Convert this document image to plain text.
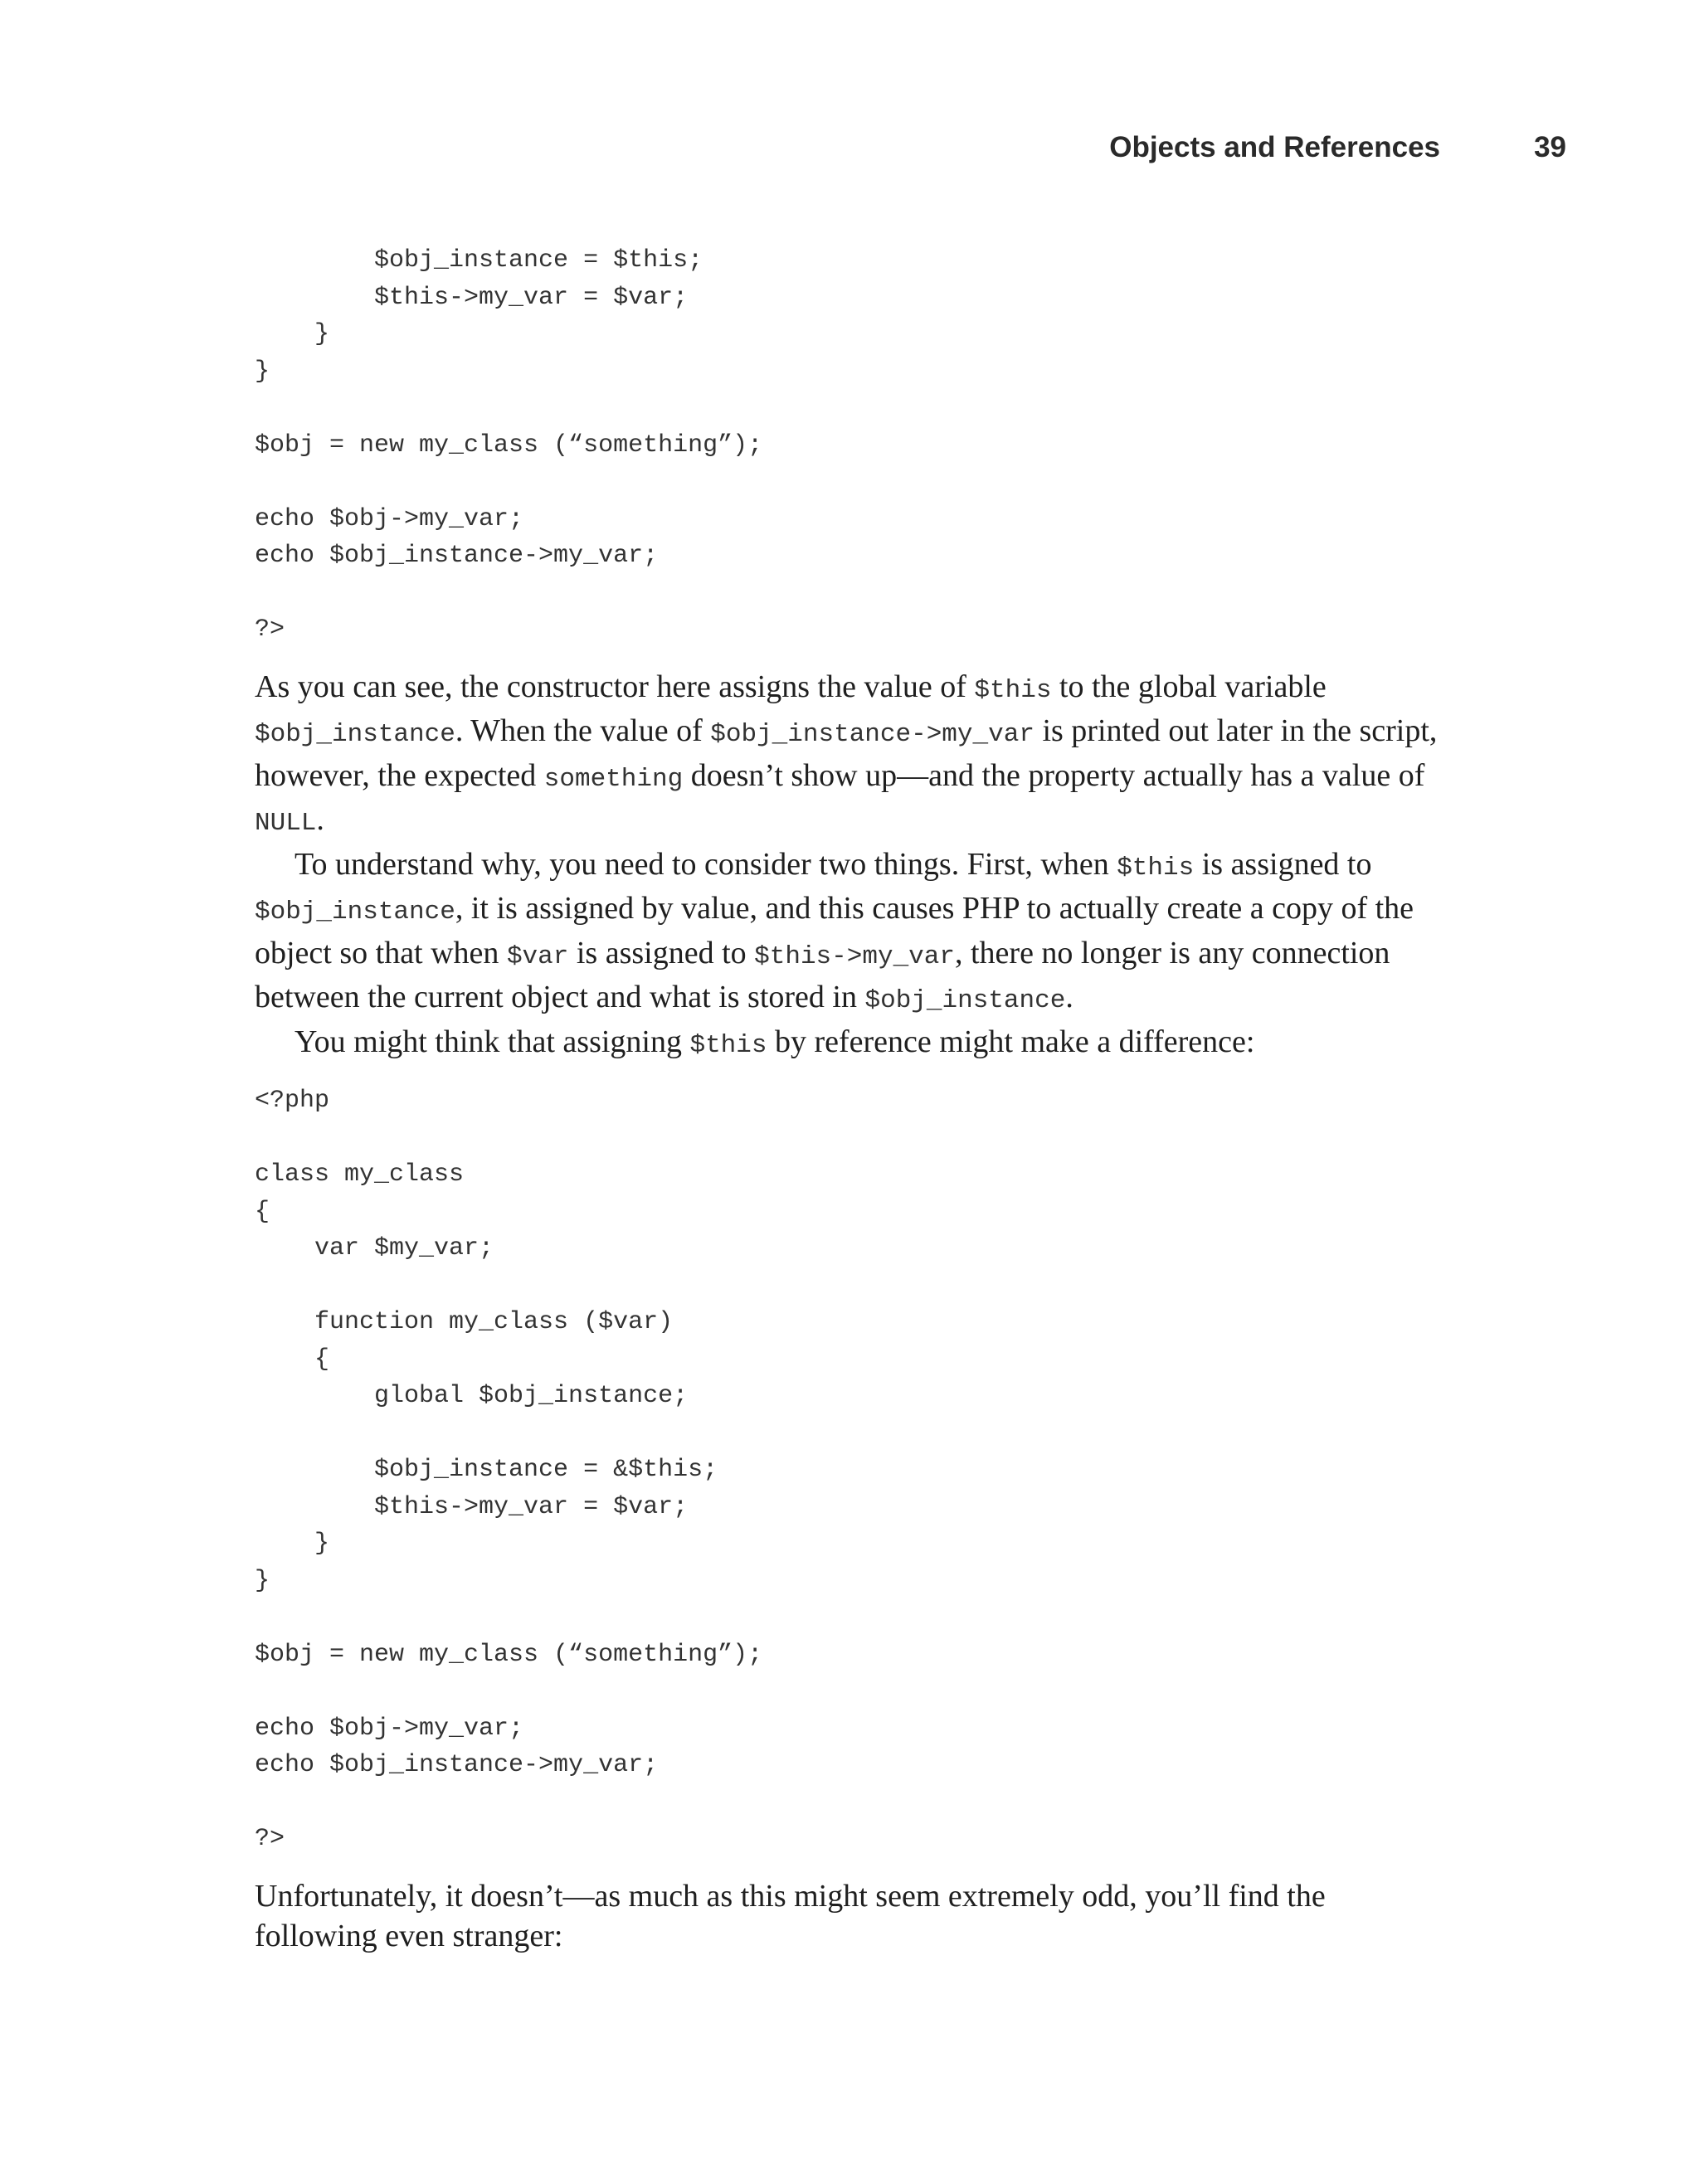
Objects and References	39
$obj_instance = $this;
$this->my_var = $var;
}
}

$obj = new my_class (“something”);

echo $obj->my_var;
echo $obj_instance->my_var;

?>

As you can see, the constructor here assigns the value of $this to the global variable $obj_instance. When the value of $obj_instance->my_var is printed out later in the script, however, the expected something doesn’t show up—and the property actually has a value of NULL.

To understand why, you need to consider two things. First, when $this is assigned to $obj_instance, it is assigned by value, and this causes PHP to actually create a copy of the object so that when $var is assigned to $this->my_var, there no longer is any connection between the current object and what is stored in $obj_instance.

You might think that assigning $this by reference might make a difference:

<?php

class my_class
{
var $my_var;

function my_class ($var)
{
global $obj_instance;

$obj_instance = &$this;
$this->my_var = $var;
}
}

$obj = new my_class (“something”);

echo $obj->my_var;
echo $obj_instance->my_var;

?>

Unfortunately, it doesn’t—as much as this might seem extremely odd, you’ll find the following even stranger:
